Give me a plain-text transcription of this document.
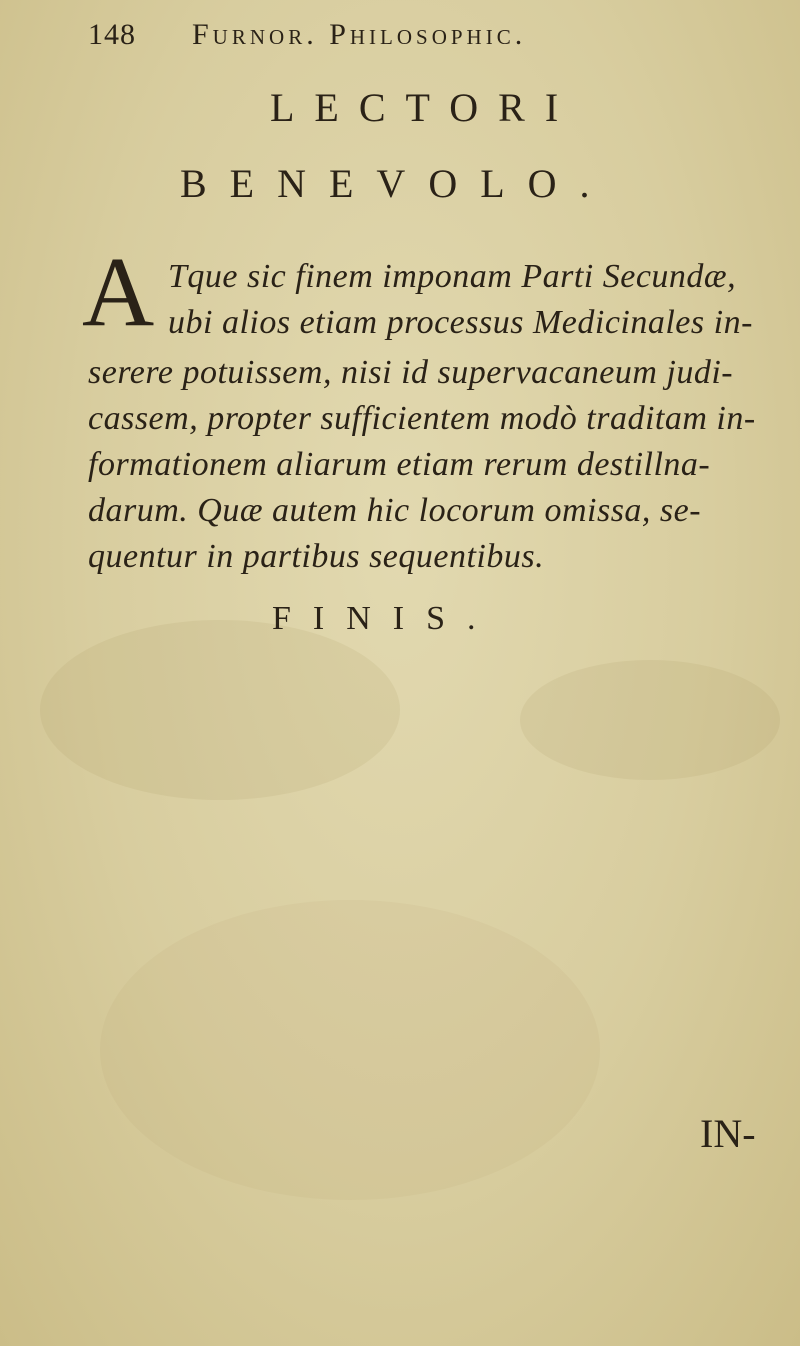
148	Furnor. Philosophic.
LECTORI
BENEVOLO.
A Tque sic finem imponam Parti Secundæ,
ubi alios etiam processus Medicinales in-
serere potuissem, nisi id supervacaneum judi-
cassem, propter sufficientem modò traditam in-
formationem aliarum etiam rerum destillna-
darum. Quæ autem hic locorum omissa, se-
quentur in partibus sequentibus.
FINIS.
IN-
